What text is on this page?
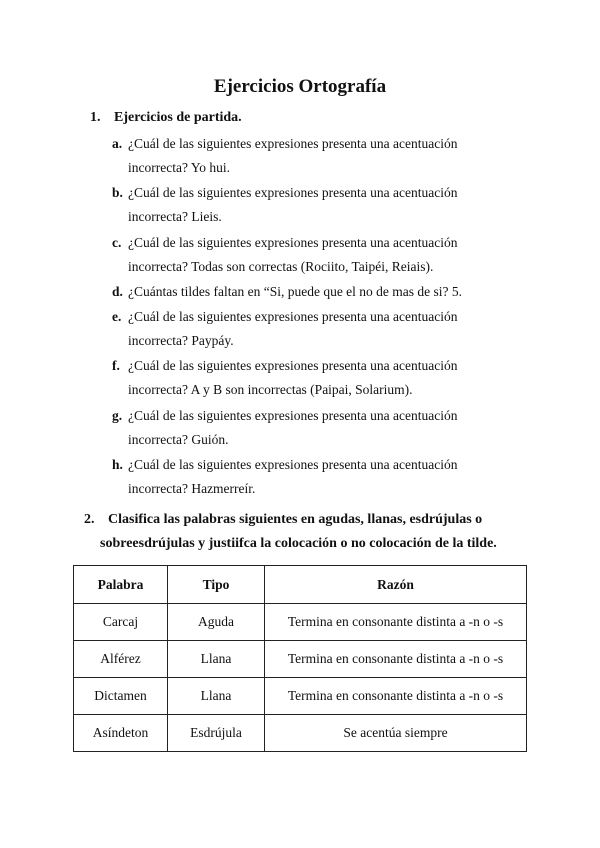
Ejercicios Ortografía
1. Ejercicios de partida.
a. ¿Cuál de las siguientes expresiones presenta una acentuación
incorrecta? Yo hui.
b. ¿Cuál de las siguientes expresiones presenta una acentuación
incorrecta? Lieis.
c. ¿Cuál de las siguientes expresiones presenta una acentuación
incorrecta? Todas son correctas (Rociito, Taipéi, Reiais).
d. ¿Cuántas tildes faltan en “Si, puede que el no de mas de si? 5.
e. ¿Cuál de las siguientes expresiones presenta una acentuación
incorrecta? Paypáy.
f. ¿Cuál de las siguientes expresiones presenta una acentuación
incorrecta? A y B son incorrectas (Paipai, Solarium).
g. ¿Cuál de las siguientes expresiones presenta una acentuación
incorrecta? Guión.
h. ¿Cuál de las siguientes expresiones presenta una acentuación
incorrecta? Hazmerreír.
2. Clasifica las palabras siguientes en agudas, llanas, esdrújulas o
sobreesdrújulas y justiifca la colocación o no colocación de la tilde.
Palabra	Tipo	Razón
Carcaj	Aguda	Termina en consonante distinta a -n o -s
Alférez	Llana	Termina en consonante distinta a -n o -s
Dictamen	Llana	Termina en consonante distinta a -n o -s
Asíndeton	Esdrújula	Se acentúa siempre
